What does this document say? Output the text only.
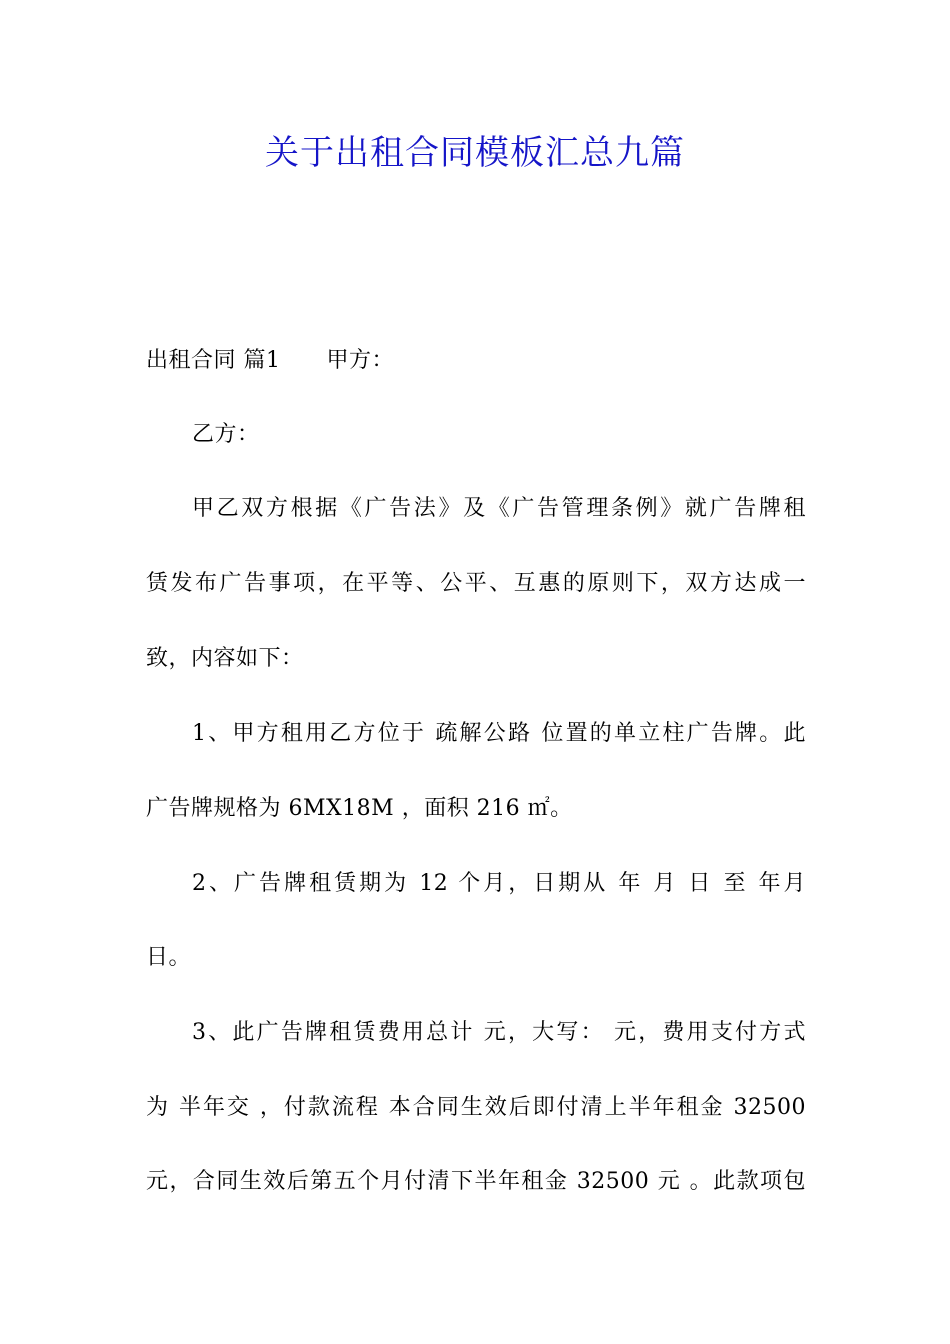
关于出租合同模板汇总九篇
出租合同 篇1 甲方：
乙方：
甲乙双方根据《广告法》及《广告管理条例》就广告牌租
赁发布广告事项，在平等、公平、互惠的原则下，双方达成一
致，内容如下：
1、甲方租用乙方位于 疏解公路 位置的单立柱广告牌。此
广告牌规格为 6MX18M ，面积 216 ㎡。
2、广告牌租赁期为 12 个月，日期从 年 月 日 至 年月
日。
3、此广告牌租赁费用总计 元，大写： 元，费用支付方式
为 半年交 ，付款流程 本合同生效后即付清上半年租金 32500
元，合同生效后第五个月付清下半年租金 32500 元 。此款项包
